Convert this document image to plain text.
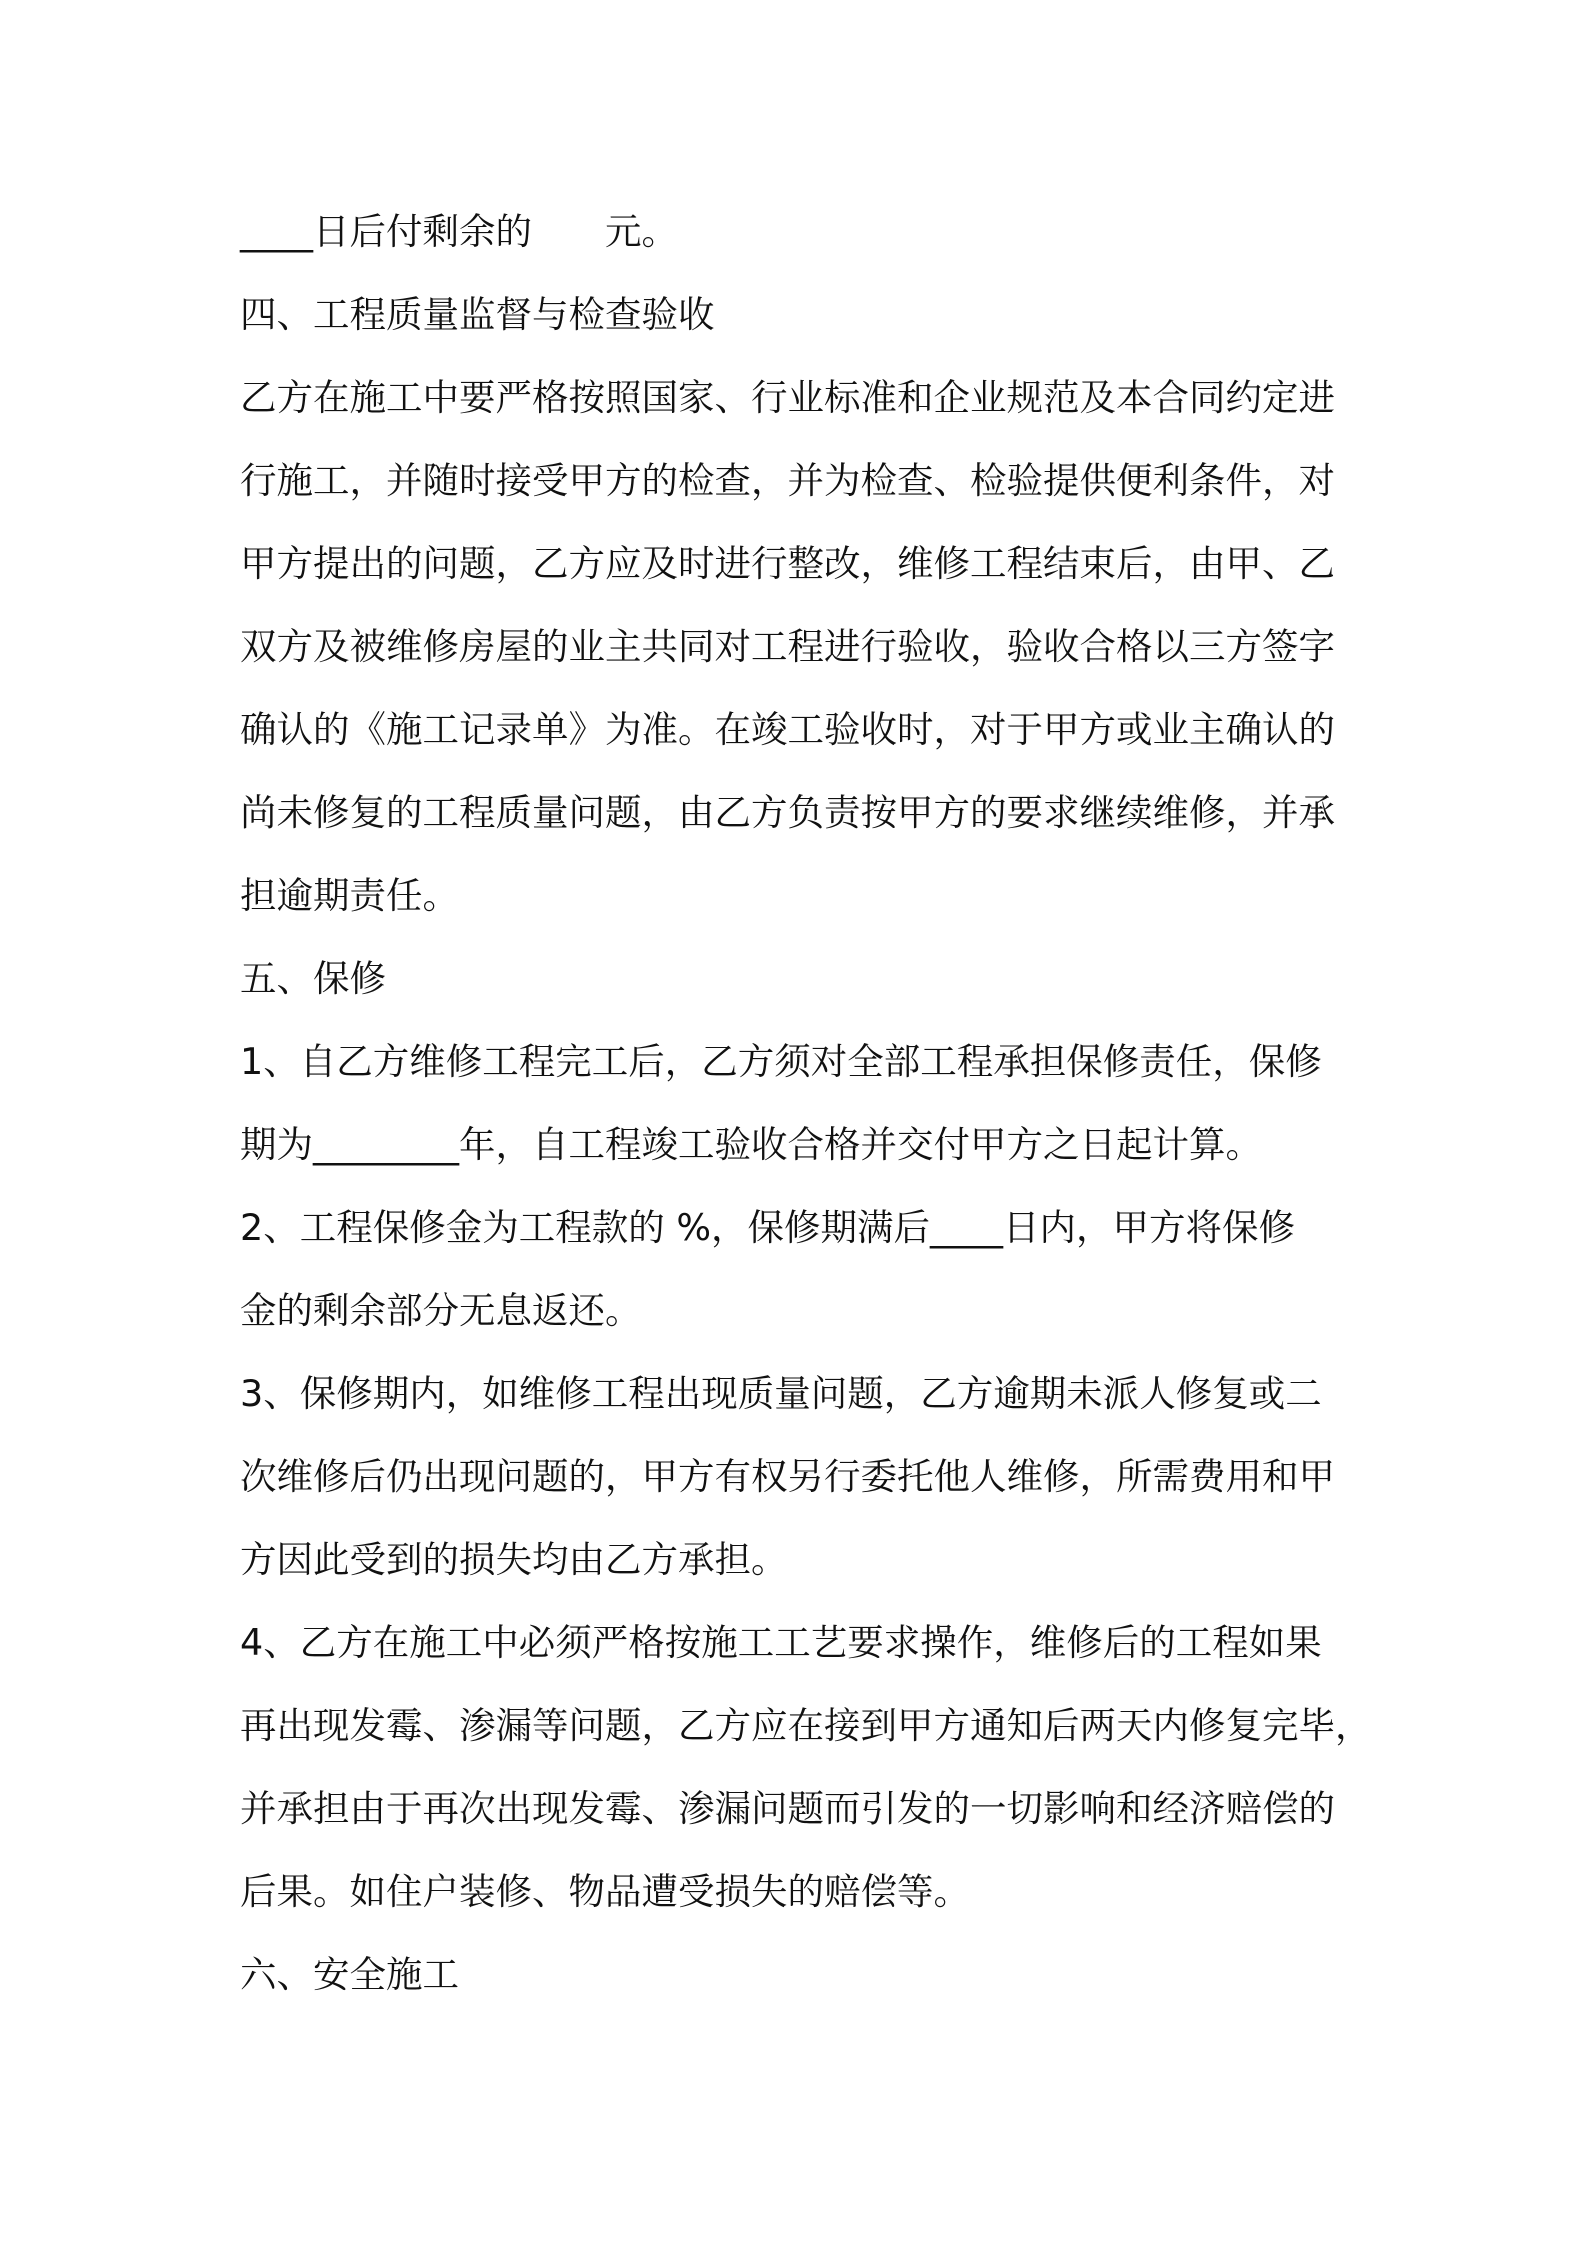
____日后付剩余的　　元。
四、工程质量监督与检查验收
乙方在施工中要严格按照国家、行业标准和企业规范及本合同约定进
行施工，并随时接受甲方的检查，并为检查、检验提供便利条件，对
甲方提出的问题，乙方应及时进行整改，维修工程结束后，由甲、乙
双方及被维修房屋的业主共同对工程进行验收，验收合格以三方签字
确认的《施工记录单》为准。在竣工验收时，对于甲方或业主确认的
尚未修复的工程质量问题，由乙方负责按甲方的要求继续维修，并承
担逾期责任。
五、保修
1、自乙方维修工程完工后，乙方须对全部工程承担保修责任，保修
期为________年，自工程竣工验收合格并交付甲方之日起计算。
2、工程保修金为工程款的 %，保修期满后____日内，甲方将保修
金的剩余部分无息返还。
3、保修期内，如维修工程出现质量问题，乙方逾期未派人修复或二
次维修后仍出现问题的，甲方有权另行委托他人维修，所需费用和甲
方因此受到的损失均由乙方承担。
4、乙方在施工中必须严格按施工工艺要求操作，维修后的工程如果
再出现发霉、渗漏等问题，乙方应在接到甲方通知后两天内修复完毕，
并承担由于再次出现发霉、渗漏问题而引发的一切影响和经济赔偿的
后果。如住户装修、物品遭受损失的赔偿等。
六、安全施工
